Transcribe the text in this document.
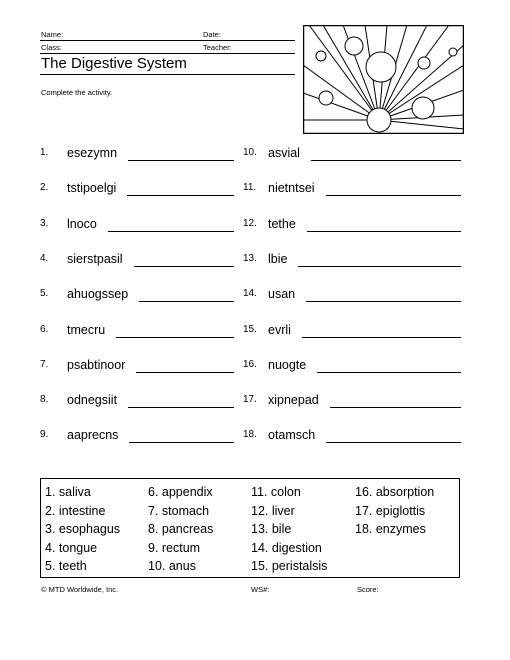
Name:	Date:
Class:	Teacher:
The Digestive System
Complete the activity.
1. esezymn
2. tstipoelgi
3. lnoco
4. sierstpasil
5. ahuogssep
6. tmecru
7. psabtinoor
8. odnegsiit
9. aaprecns
10. asvial
11. nietntsei
12. tethe
13. lbie
14. usan
15. evrli
16. nuogte
17. xipnepad
18. otamsch
1. saliva
2. intestine
3. esophagus
4. tongue
5. teeth
6. appendix
7. stomach
8. pancreas
9. rectum
10. anus
11. colon
12. liver
13. bile
14. digestion
15. peristalsis
16. absorption
17. epiglottis
18. enzymes
© MTD Worldwide, Inc.	WS#:	Score:
